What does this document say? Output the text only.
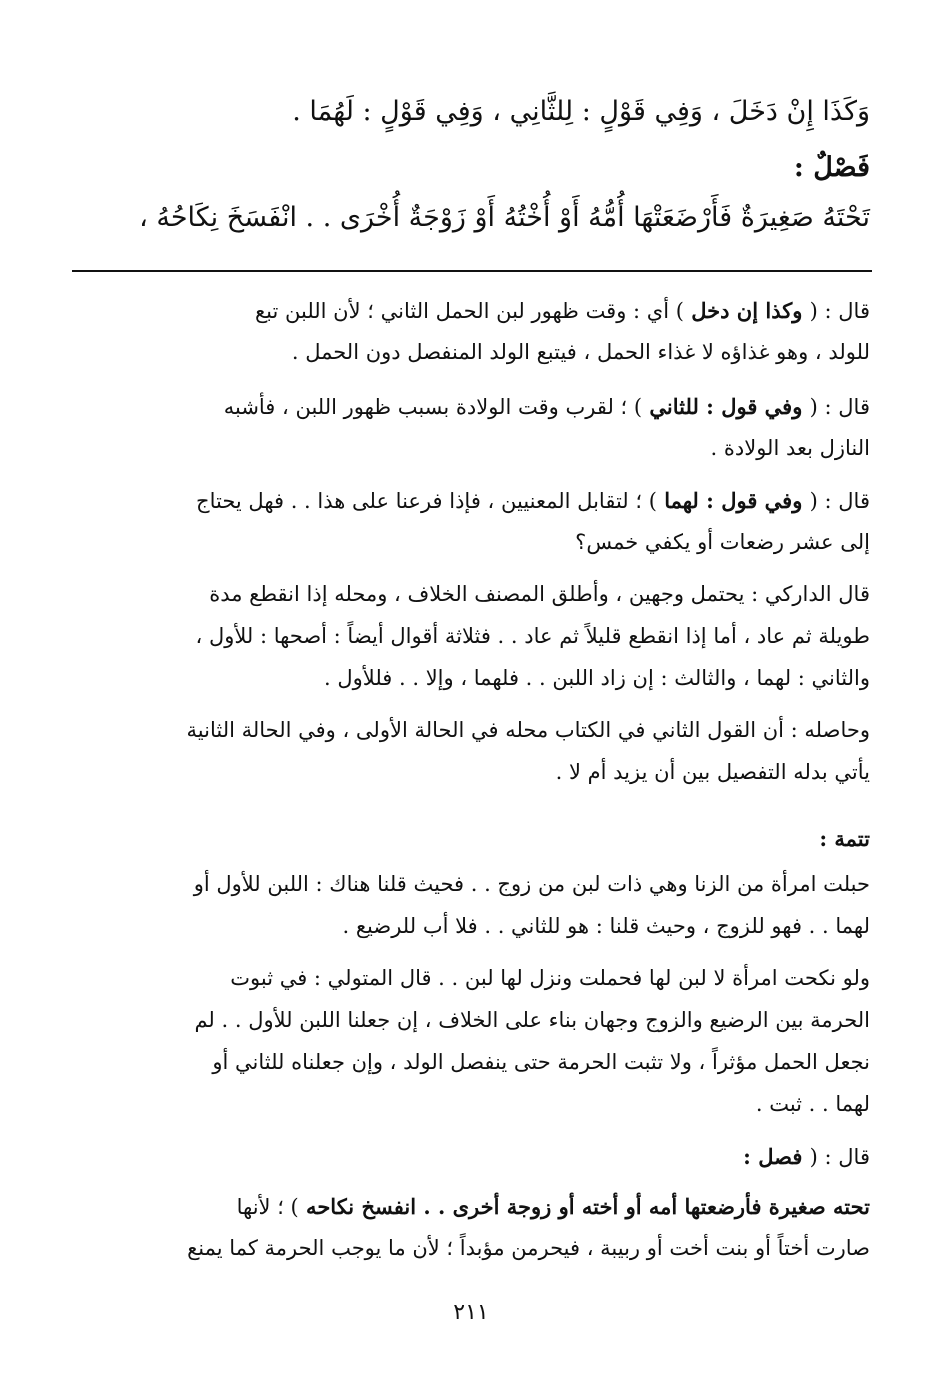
وَكَذَا إِنْ دَخَلَ ، وَفِي قَوْلٍ : لِلثَّانِي ، وَفِي قَوْلٍ : لَهُمَا .
فَصْلٌ :
تَحْتَهُ صَغِيرَةٌ فَأَرْضَعَتْهَا أُمُّهُ أَوْ أُخْتُهُ أَوْ زَوْجَةٌ أُخْرَى . . انْفَسَخَ نِكَاحُهُ ،
قال : ( وكذا إن دخل ) أي : وقت ظهور لبن الحمل الثاني ؛ لأن اللبن تبع
للولد ، وهو غذاؤه لا غذاء الحمل ، فيتبع الولد المنفصل دون الحمل .
قال : ( وفي قول : للثاني ) ؛ لقرب وقت الولادة بسبب ظهور اللبن ، فأشبه
النازل بعد الولادة .
قال : ( وفي قول : لهما ) ؛ لتقابل المعنيين ، فإذا فرعنا على هذا . . فهل يحتاج
إلى عشر رضعات أو يكفي خمس؟
قال الداركي : يحتمل وجهين ، وأطلق المصنف الخلاف ، ومحله إذا انقطع مدة
طويلة ثم عاد ، أما إذا انقطع قليلاً ثم عاد . . فثلاثة أقوال أيضاً : أصحها : للأول ،
والثاني : لهما ، والثالث : إن زاد اللبن . . فلهما ، وإلا . . فللأول .
وحاصله : أن القول الثاني في الكتاب محله في الحالة الأولى ، وفي الحالة الثانية
يأتي بدله التفصيل بين أن يزيد أم لا .
تتمة :
حبلت امرأة من الزنا وهي ذات لبن من زوج . . فحيث قلنا هناك : اللبن للأول أو
لهما . . فهو للزوج ، وحيث قلنا : هو للثاني . . فلا أب للرضيع .
ولو نكحت امرأة لا لبن لها فحملت ونزل لها لبن . . قال المتولي : في ثبوت
الحرمة بين الرضيع والزوج وجهان بناء على الخلاف ، إن جعلنا اللبن للأول . . لم
نجعل الحمل مؤثراً ، ولا تثبت الحرمة حتى ينفصل الولد ، وإن جعلناه للثاني أو
لهما . . ثبت .
قال : ( فصل :
تحته صغيرة فأرضعتها أمه أو أخته أو زوجة أخرى . . انفسخ نكاحه ) ؛ لأنها
صارت أختاً أو بنت أخت أو ربيبة ، فيحرمن مؤبداً ؛ لأن ما يوجب الحرمة كما يمنع
٢١١
